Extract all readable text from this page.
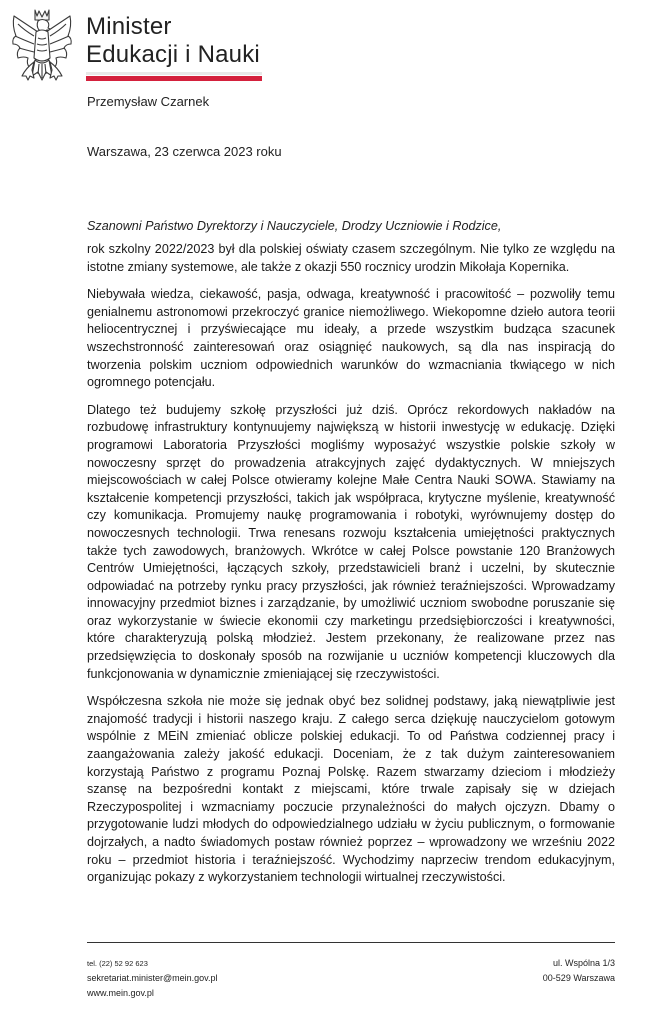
Minister
Edukacji i Nauki
Przemysław Czarnek
Warszawa, 23 czerwca 2023 roku
Szanowni Państwo Dyrektorzy i Nauczyciele, Drodzy Uczniowie i Rodzice,

rok szkolny 2022/2023 był dla polskiej oświaty czasem szczególnym. Nie tylko ze względu na istotne zmiany systemowe, ale także z okazji 550 rocznicy urodzin Mikołaja Kopernika.

Niebywała wiedza, ciekawość, pasja, odwaga, kreatywność i pracowitość – pozwoliły temu genialnemu astronomowi przekroczyć granice niemożliwego. Wiekopomne dzieło autora teorii heliocentrycznej i przyświecające mu ideały, a przede wszystkim budząca szacunek wszechstronność zainteresowań oraz osiągnięć naukowych, są dla nas inspiracją do tworzenia polskim uczniom odpowiednich warunków do wzmacniania tkwiącego w nich ogromnego potencjału.

Dlatego też budujemy szkołę przyszłości już dziś. Oprócz rekordowych nakładów na rozbudowę infrastruktury kontynuujemy największą w historii inwestycję w edukację. Dzięki programowi Laboratoria Przyszłości mogliśmy wyposażyć wszystkie polskie szkoły w nowoczesny sprzęt do prowadzenia atrakcyjnych zajęć dydaktycznych. W mniejszych miejscowościach w całej Polsce otwieramy kolejne Małe Centra Nauki SOWA. Stawiamy na kształcenie kompetencji przyszłości, takich jak współpraca, krytyczne myślenie, kreatywność czy komunikacja. Promujemy naukę programowania i robotyki, wyrównujemy dostęp do nowoczesnych technologii. Trwa renesans rozwoju kształcenia umiejętności praktycznych także tych zawodowych, branżowych. Wkrótce w całej Polsce powstanie 120 Branżowych Centrów Umiejętności, łączących szkoły, przedstawicieli branż i uczelni, by skutecznie odpowiadać na potrzeby rynku pracy przyszłości, jak również teraźniejszości. Wprowadzamy innowacyjny przedmiot biznes i zarządzanie, by umożliwić uczniom swobodne poruszanie się oraz wykorzystanie w świecie ekonomii czy marketingu przedsiębiorczości i kreatywności, które charakteryzują polską młodzież. Jestem przekonany, że realizowane przez nas przedsięwzięcia to doskonały sposób na rozwijanie u uczniów kompetencji kluczowych dla funkcjonowania w dynamicznie zmieniającej się rzeczywistości.

Współczesna szkoła nie może się jednak obyć bez solidnej podstawy, jaką niewątpliwie jest znajomość tradycji i historii naszego kraju. Z całego serca dziękuję nauczycielom gotowym wspólnie z MEiN zmieniać oblicze polskiej edukacji. To od Państwa codziennej pracy i zaangażowania zależy jakość edukacji. Doceniam, że z tak dużym zainteresowaniem korzystają Państwo z programu Poznaj Polskę. Razem stwarzamy dzieciom i młodzieży szansę na bezpośredni kontakt z miejscami, które trwale zapisały się w dziejach Rzeczypospolitej i wzmacniamy poczucie przynależności do małych ojczyzn. Dbamy o przygotowanie ludzi młodych do odpowiedzialnego udziału w życiu publicznym, o formowanie dojrzałych, a nadto świadomych postaw również poprzez – wprowadzony we wrześniu 2022 roku – przedmiot historia i teraźniejszość. Wychodzimy naprzeciw trendom edukacyjnym, organizując pokazy z wykorzystaniem technologii wirtualnej rzeczywistości.

tel. (22) 52 92 623
sekretariat.minister@mein.gov.pl
www.mein.gov.pl
ul. Wspólna 1/3
00-529 Warszawa
